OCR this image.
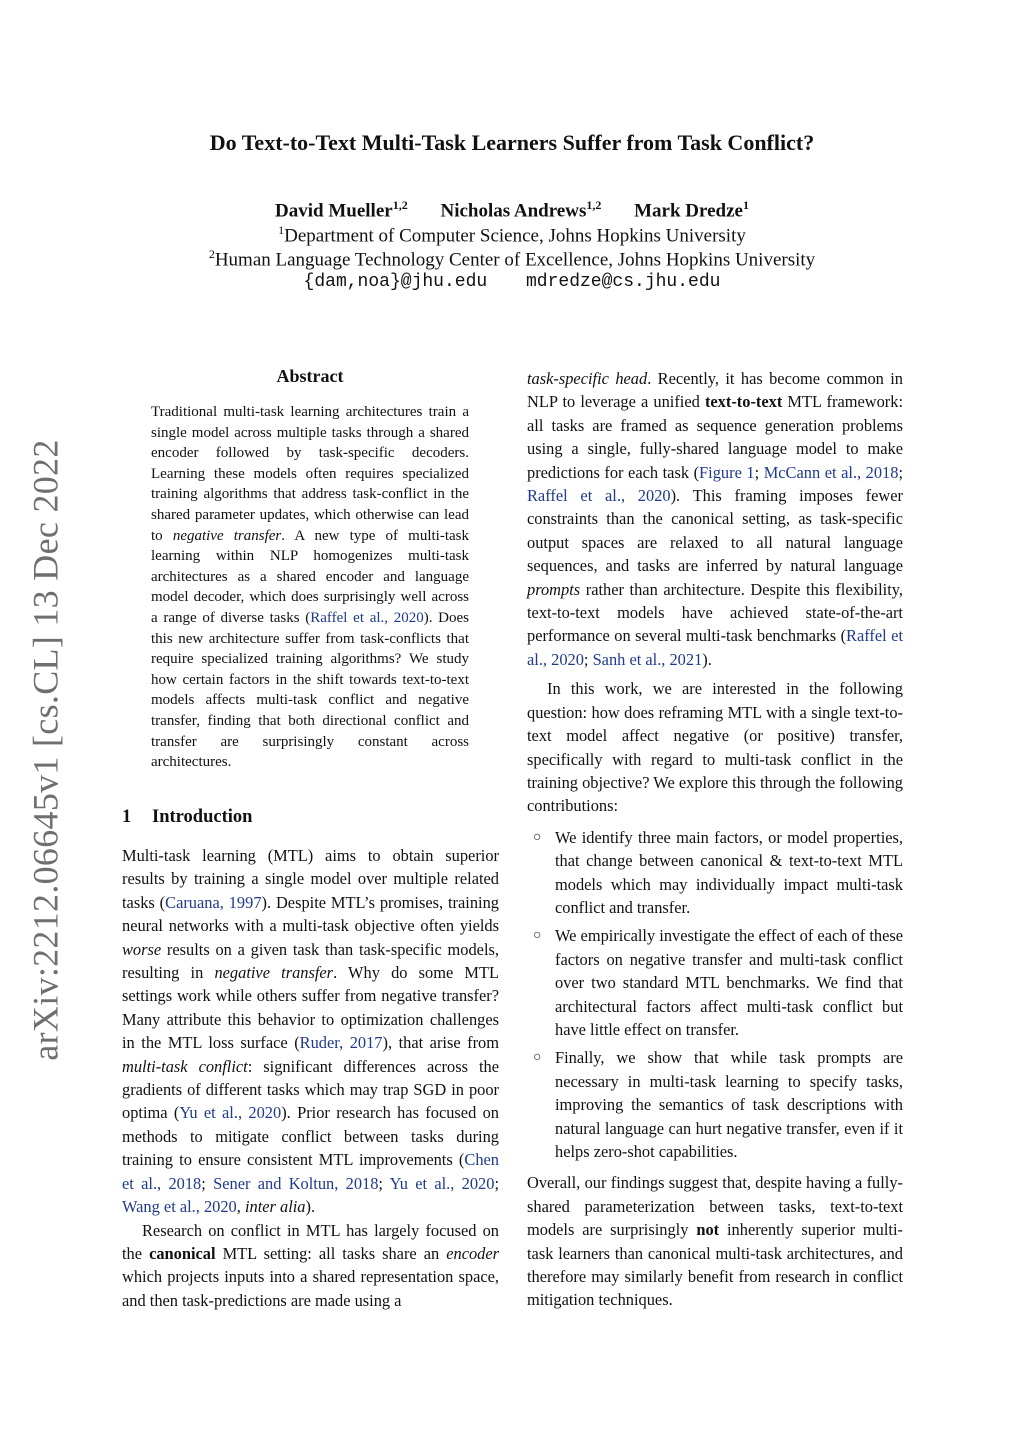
arXiv:2212.06645v1 [cs.CL] 13 Dec 2022
Do Text-to-Text Multi-Task Learners Suffer from Task Conflict?
David Mueller$^{1,2}$ Nicholas Andrews$^{1,2}$ Mark Dredze$^1$
$^1$Department of Computer Science, Johns Hopkins University
$^2$Human Language Technology Center of Excellence, Johns Hopkins University
{dam,noa}@jhu.edu mdredze@cs.jhu.edu
Abstract
Traditional multi-task learning architectures train a single model across multiple tasks through a shared encoder followed by task-specific decoders. Learning these models often requires specialized training algorithms that address task-conflict in the shared parameter updates, which otherwise can lead to negative transfer. A new type of multi-task learning within NLP homogenizes multi-task architectures as a shared encoder and language model decoder, which does surprisingly well across a range of diverse tasks (Raffel et al., 2020). Does this new architecture suffer from task-conflicts that require specialized training algorithms? We study how certain factors in the shift towards text-to-text models affects multi-task conflict and negative transfer, finding that both directional conflict and transfer are surprisingly constant across architectures.
1 Introduction

Multi-task learning (MTL) aims to obtain superior results by training a single model over multiple related tasks (Caruana, 1997). Despite MTL’s promises, training neural networks with a multi-task objective often yields worse results on a given task than task-specific models, resulting in negative transfer. Why do some MTL settings work while others suffer from negative transfer? Many attribute this behavior to optimization challenges in the MTL loss surface (Ruder, 2017), that arise from multi-task conflict: significant differences across the gradients of different tasks which may trap SGD in poor optima (Yu et al., 2020). Prior research has focused on methods to mitigate conflict between tasks during training to ensure consistent MTL improvements (Chen et al., 2018; Sener and Koltun, 2018; Yu et al., 2020; Wang et al., 2020, inter alia).

Research on conflict in MTL has largely focused on the canonical MTL setting: all tasks share an encoder which projects inputs into a shared representation space, and then task-predictions are made using a

task-specific head. Recently, it has become common in NLP to leverage a unified text-to-text MTL framework: all tasks are framed as sequence generation problems using a single, fully-shared language model to make predictions for each task (Figure 1; McCann et al., 2018; Raffel et al., 2020). This framing imposes fewer constraints than the canonical setting, as task-specific output spaces are relaxed to all natural language sequences, and tasks are inferred by natural language prompts rather than architecture. Despite this flexibility, text-to-text models have achieved state-of-the-art performance on several multi-task benchmarks (Raffel et al., 2020; Sanh et al., 2021).

In this work, we are interested in the following question: how does reframing MTL with a single text-to-text model affect negative (or positive) transfer, specifically with regard to multi-task conflict in the training objective? We explore this through the following contributions:

○ We identify three main factors, or model properties, that change between canonical & text-to-text MTL models which may individually impact multi-task conflict and transfer.
○ We empirically investigate the effect of each of these factors on negative transfer and multi-task conflict over two standard MTL benchmarks. We find that architectural factors affect multi-task conflict but have little effect on transfer.
○ Finally, we show that while task prompts are necessary in multi-task learning to specify tasks, improving the semantics of task descriptions with natural language can hurt negative transfer, even if it helps zero-shot capabilities.

Overall, our findings suggest that, despite having a fully-shared parameterization between tasks, text-to-text models are surprisingly not inherently superior multi-task learners than canonical multi-task architectures, and therefore may similarly benefit from research in conflict mitigation techniques.
